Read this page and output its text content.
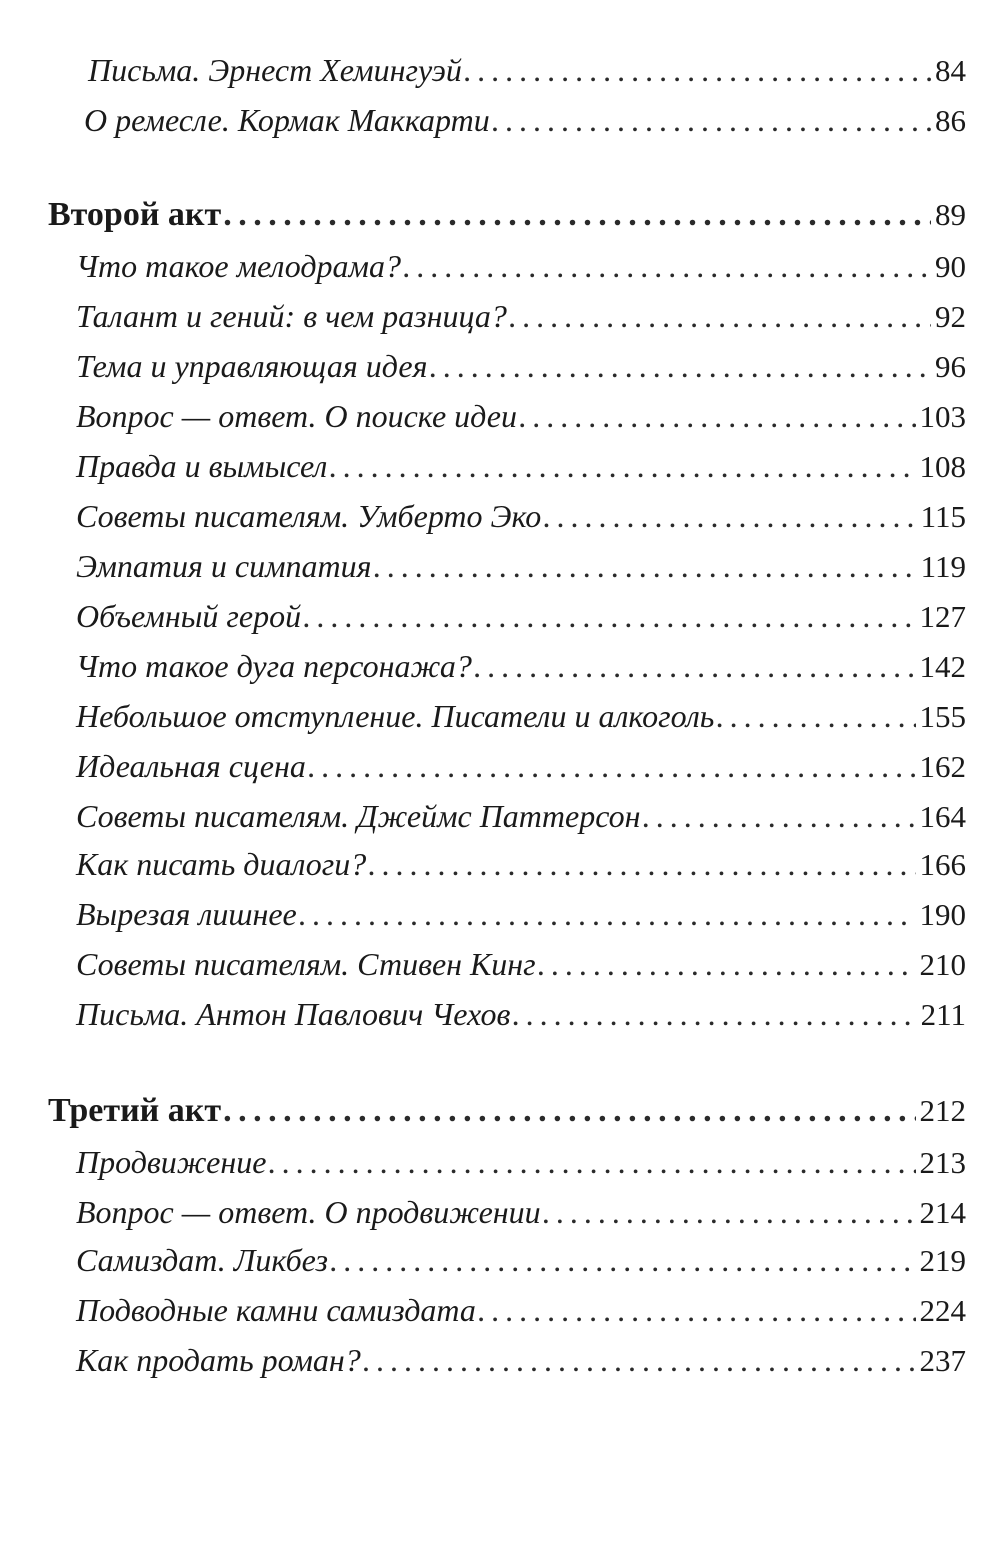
Письма. Эрнест Хемингуэй . . .	84
О ремесле. Кормак Маккарти . . .	86
Второй акт . . .	89
Что такое мелодрама? . . .	90
Талант и гений: в чем разница? . . .	92
Тема и управляющая идея . . .	96
Вопрос — ответ. О поиске идеи . . .	103
Правда и вымысел . . .	108
Советы писателям. Умберто Эко . . .	115
Эмпатия и симпатия . . .	119
Объемный герой . . .	127
Что такое дуга персонажа? . . .	142
Небольшое отступление. Писатели и алкоголь . . .	155
Идеальная сцена . . .	162
Советы писателям. Джеймс Паттерсон . . .	164
Как писать диалоги? . . .	166
Вырезая лишнее . . .	190
Советы писателям. Стивен Кинг . . .	210
Письма. Антон Павлович Чехов . . .	211
Третий акт . . .	212
Продвижение . . .	213
Вопрос — ответ. О продвижении . . .	214
Самиздат. Ликбез . . .	219
Подводные камни самиздата . . .	224
Как продать роман? . . .	237
